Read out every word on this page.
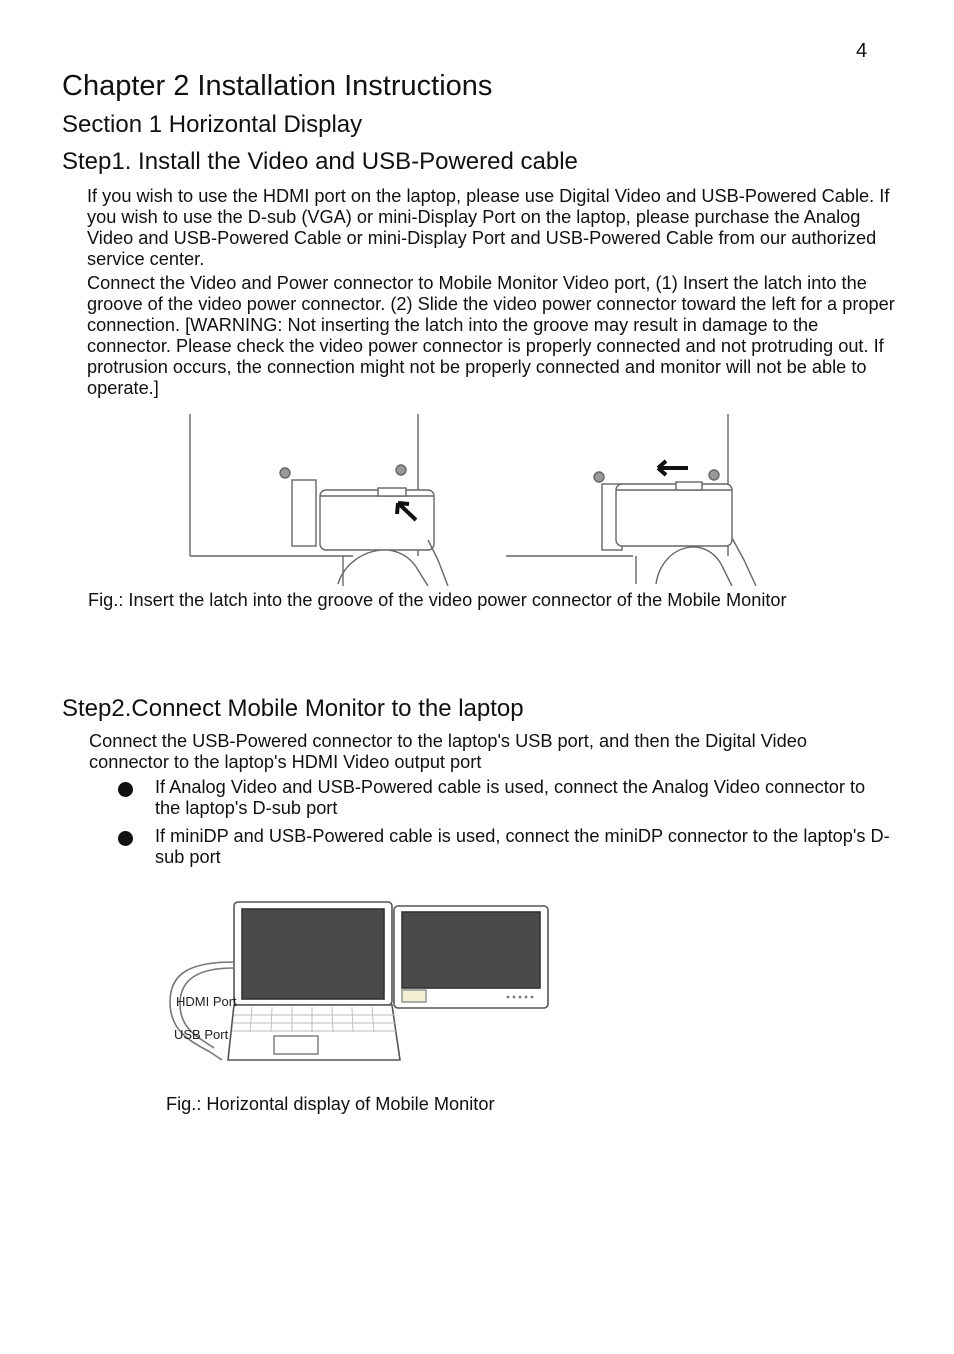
4
Chapter 2 Installation Instructions
Section 1 Horizontal Display
Step1. Install the Video and USB-Powered cable
If you wish to use the HDMI port on the laptop, please use Digital Video and USB-Powered Cable. If you wish to use the D-sub (VGA) or mini-Display Port on the laptop, please purchase the Analog Video and USB-Powered Cable or mini-Display Port and USB-Powered Cable from our authorized service center.
Connect the Video and Power connector to Mobile Monitor Video port, (1) Insert the latch into the groove of the video power connector. (2) Slide the video power connector toward the left for a proper connection. [WARNING: Not inserting the latch into the groove may result in damage to the connector. Please check the video power connector is properly connected and not protruding out. If protrusion occurs, the connection might not be properly connected and monitor will not be able to operate.]
Fig.: Insert the latch into the groove of the video power connector of the Mobile Monitor
Step2.Connect Mobile Monitor to the laptop
Connect the USB-Powered connector to the laptop's USB port, and then the Digital Video connector to the laptop's HDMI Video output port
If Analog Video and USB-Powered cable is used, connect the Analog Video connector to the laptop's D-sub port
If miniDP and USB-Powered cable is used, connect the miniDP connector to the laptop's D-sub port
HDMI Port
USB Port
Fig.: Horizontal display of Mobile Monitor
